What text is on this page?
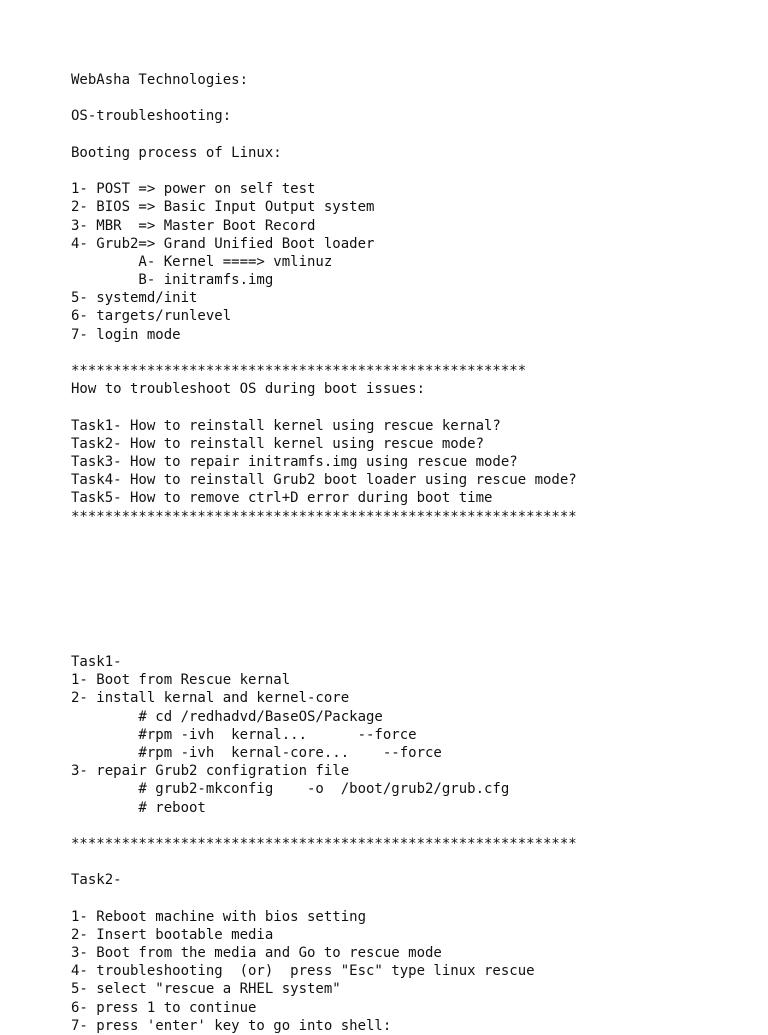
WebAsha Technologies:
OS-troubleshooting:
Booting process of Linux:
1- POST => power on self test
2- BIOS => Basic Input Output system
3- MBR  => Master Boot Record
4- Grub2=> Grand Unified Boot loader
A- Kernel ====> vmlinuz
B- initramfs.img
5- systemd/init
6- targets/runlevel
7- login mode
******************************************************
How to troubleshoot OS during boot issues:
Task1- How to reinstall kernel using rescue kernal?
Task2- How to reinstall kernel using rescue mode?
Task3- How to repair initramfs.img using rescue mode?
Task4- How to reinstall Grub2 boot loader using rescue mode?
Task5- How to remove ctrl+D error during boot time
************************************************************
Task1-
1- Boot from Rescue kernal
2- install kernal and kernel-core
# cd /redhadvd/BaseOS/Package
#rpm -ivh  kernal...      --force
#rpm -ivh  kernal-core...    --force
3- repair Grub2 configration file
# grub2-mkconfig    -o  /boot/grub2/grub.cfg
# reboot
************************************************************
Task2-
1- Reboot machine with bios setting
2- Insert bootable media
3- Boot from the media and Go to rescue mode
4- troubleshooting  (or)  press "Esc" type linux rescue
5- select "rescue a RHEL system"
6- press 1 to continue
7- press 'enter' key to go into shell:
